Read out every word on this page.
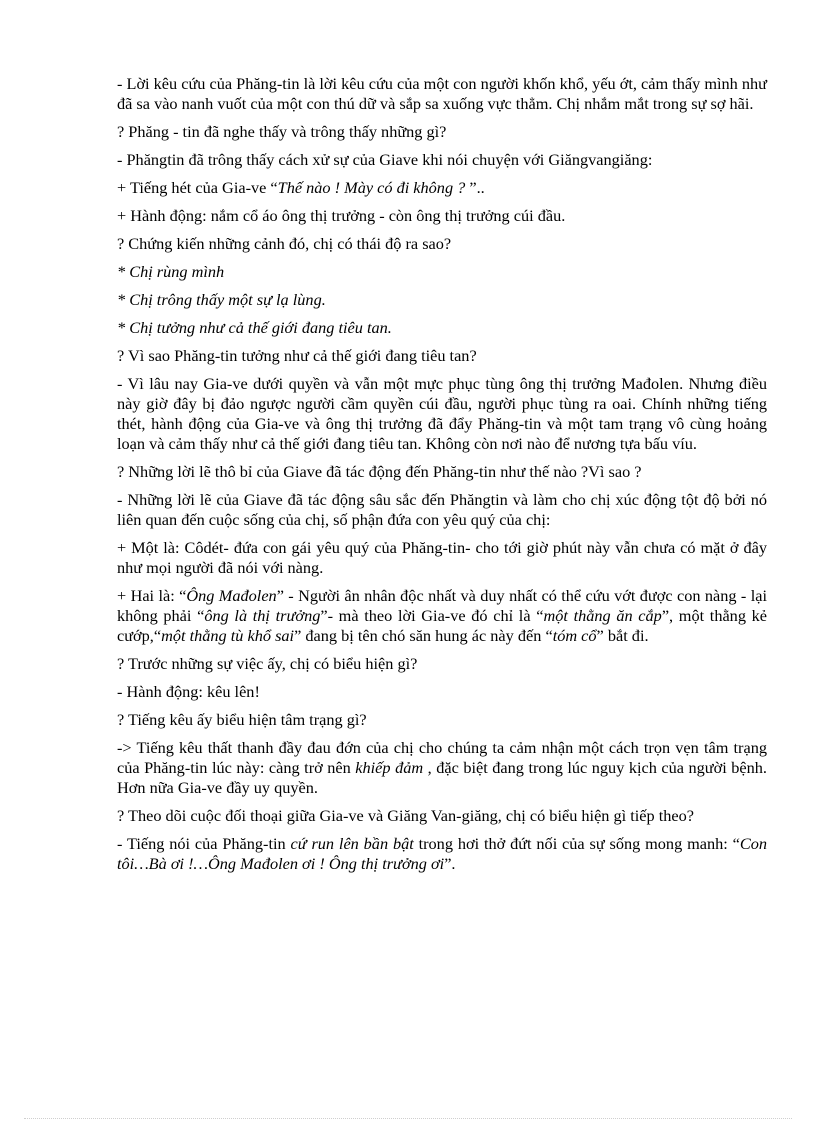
- Lời kêu cứu của Phăng-tin là lời kêu cứu của một con người khốn khổ, yếu ớt, cảm thấy mình như đã sa vào nanh vuốt của một con thú dữ và sắp sa xuống vực thẳm. Chị nhắm mắt trong sự sợ hãi.

? Phăng - tin đã nghe thấy và trông thấy những gì?

- Phăngtin đã trông thấy cách xử sự của Giave khi nói chuyện với Giăngvangiăng:

+ Tiếng hét của Gia-ve “Thế nào ! Mày có đi không ? ”..

+ Hành động: nắm cổ áo ông thị trưởng - còn ông thị trưởng cúi đầu.

? Chứng kiến những cảnh đó, chị có thái độ ra sao?

* Chị rùng mình

* Chị trông thấy một sự lạ lùng.

* Chị tưởng như cả thế giới đang tiêu tan.

? Vì sao Phăng-tin tưởng như cả thế giới đang tiêu tan?

- Vì lâu nay Gia-ve dưới quyền và vẫn một mực phục tùng ông thị trưởng Mađolen. Nhưng điều này giờ đây bị đảo ngược người cầm quyền cúi đầu, người phục tùng ra oai. Chính những tiếng thét, hành động của Gia-ve và ông thị trưởng đã đẩy Phăng-tin và một tam trạng vô cùng hoảng loạn và cảm thấy như cả thế giới đang tiêu tan. Không còn nơi nào để nương tựa bấu víu.

? Những lời lẽ thô bỉ của Giave đã tác động đến Phăng-tin như thế nào ?Vì sao ?

- Những lời lẽ của Giave đã tác động sâu sắc đến Phăngtin và làm cho chị xúc động tột độ bởi nó liên quan đến cuộc sống của chị, số phận đứa con yêu quý của chị:

+ Một là: Côdét- đứa con gái yêu quý của Phăng-tin- cho tới giờ phút này vẫn chưa có mặt ở đây như mọi người đã nói với nàng.

+ Hai là: “Ông Mađolen” - Người ân nhân độc nhất và duy nhất có thể cứu vớt được con nàng - lại không phải “ông là thị trưởng”- mà theo lời Gia-ve đó chỉ là “một thằng ăn cắp”, một thằng kẻ cướp,“một thằng tù khổ sai” đang bị tên chó săn hung ác này đến “tóm cổ” bắt đi.

? Trước những sự việc ấy, chị có biểu hiện gì?

- Hành động: kêu lên!

? Tiếng kêu ấy biểu hiện tâm trạng gì?

-> Tiếng kêu thất thanh đầy đau đớn của chị cho chúng ta cảm nhận một cách trọn vẹn tâm trạng của Phăng-tin lúc này: càng trở nên khiếp đảm , đặc biệt đang trong lúc nguy kịch của người bệnh. Hơn nữa Gia-ve đầy uy quyền.

? Theo dõi cuộc đối thoại giữa Gia-ve và Giăng Van-giăng, chị có biểu hiện gì tiếp theo?

- Tiếng nói của Phăng-tin cứ run lên bần bật trong hơi thở đứt nối của sự sống mong manh: “Con tôi…Bà ơi !…Ông Mađolen ơi ! Ông thị trưởng ơi”.
